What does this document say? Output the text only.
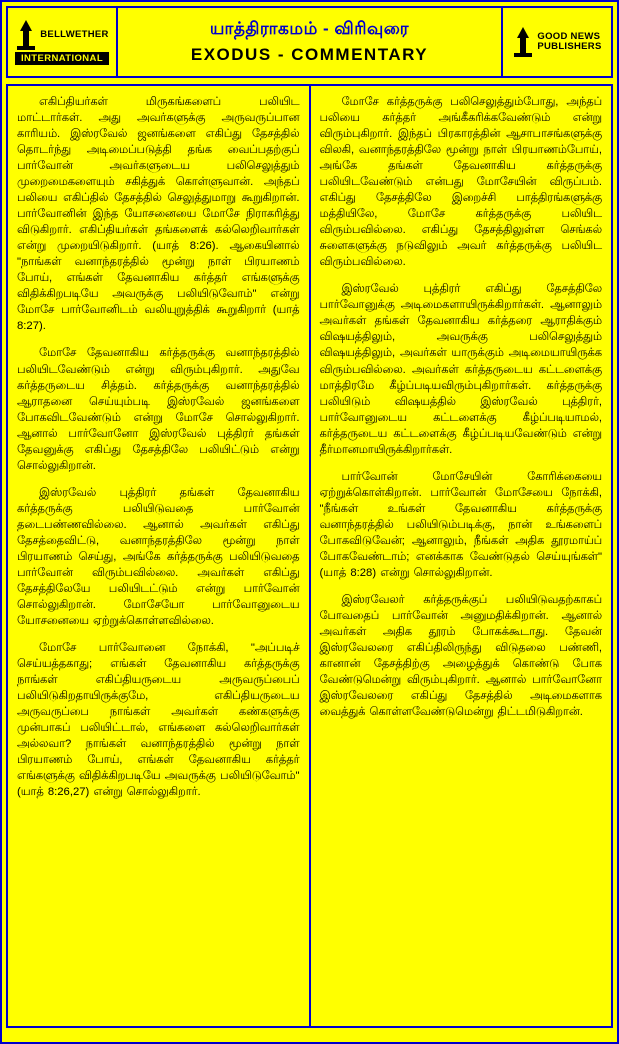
BELLWETHER
INTERNATIONAL
யாத்திராகமம் - விரிவுரை
EXODUS - COMMENTARY
GOOD NEWS
PUBLISHERS

எகிப்தியர்கள் மிருகங்களைப் பலியிட மாட்டார்கள். அது அவர்களுக்கு அருவருப்பான காரியம். இஸ்ரவேல் ஜனங்களை எகிப்து தேசத்தில் தொடர்ந்து அடிமைப்படுத்தி தங்க வைப்பதற்குப் பார்வோன் அவர்களுடைய பலிசெலுத்தும் முறைமைகளையும் சகித்துக் கொள்ளுவான். அந்தப் பலியை எகிப்தில் தேசத்தில் செலுத்துமாறு கூறுகிறான். பார்வோனின் இந்த யோசனையை மோசே நிராகரித்து விடுகிறார். எகிப்தியர்கள் தங்களைக் கல்லெறிவார்கள் என்று முறையிடுகிறார். (யாத் 8:26). ஆகையினால் "நாங்கள் வனாந்தரத்தில் மூன்று நாள் பிரயாணம் போய், எங்கள் தேவனாகிய கர்த்தர் எங்களுக்கு விதிக்கிறபடியே அவருக்கு பலியிடுவோம்" என்று மோசே பார்வோனிடம் வலியுறுத்திக் கூறுகிறார் (யாத் 8:27).

மோசே தேவனாகிய கர்த்தருக்கு வனாந்தரத்தில் பலியிடவேண்டும் என்று விரும்புகிறார். அதுவே கர்த்தருடைய சித்தம். கர்த்தருக்கு வனாந்தரத்தில் ஆராதனை செய்யும்படி இஸ்ரவேல் ஜனங்களை போகவிடவேண்டும் என்று மோசே சொல்லுகிறார். ஆனால் பார்வோனோ இஸ்ரவேல் புத்திரர் தங்கள் தேவனுக்கு எகிப்து தேசத்திலே பலியிட்டும் என்று சொல்லுகிறான்.

இஸ்ரவேல் புத்திரர் தங்கள் தேவனாகிய கர்த்தருக்கு பலியிடுவதை பார்வோன் தடைபண்ணவில்லை. ஆனால் அவர்கள் எகிப்து தேசத்தைவிட்டு, வனாந்தரத்திலே மூன்று நாள் பிரயாணம் செய்து, அங்கே கர்த்தருக்கு பலியிடுவதை பார்வோன் விரும்பவில்லை. அவர்கள் எகிப்து தேசத்திலேயே பலியிடட்டும் என்று பார்வோன் சொல்லுகிறான். மோசேயோ பார்வோனுடைய யோசனையை ஏற்றுக்கொள்ளவில்லை.

மோசே பார்வோனை நோக்கி, "அப்படிச் செய்யத்தகாது; எங்கள் தேவனாகிய கர்த்தருக்கு நாங்கள் எகிப்தியருடைய அருவருப்பைப் பலியிடுகிறதாயிருக்குமே, எகிப்தியருடைய அருவருப்பை நாங்கள் அவர்கள் கண்களுக்கு முன்பாகப் பலியிட்டால், எங்களை கல்லெறிவார்கள் அல்லவா? நாங்கள் வனாந்தரத்தில் மூன்று நாள் பிரயாணம் போய், எங்கள் தேவனாகிய கர்த்தர் எங்களுக்கு விதிக்கிறபடியே அவருக்கு பலியிடுவோம்" (யாத் 8:26,27) என்று சொல்லுகிறார்.

மோசே கர்த்தருக்கு பலிசெலுத்தும்போது, அந்தப் பலியை கர்த்தர் அங்கீகரிக்கவேண்டும் என்று விரும்புகிறார். இந்தப் பிரகாரத்தின் ஆசாபாசங்களுக்கு விலகி, வனாந்தரத்திலே மூன்று நாள் பிரயாணம்போய், அங்கே தங்கள் தேவனாகிய கர்த்தருக்கு பலியிடவேண்டும் என்பது மோசேயின் விருப்பம். எகிப்து தேசத்திலே இறைச்சி பாத்திரங்களுக்கு மத்தியிலே, மோசே கர்த்தருக்கு பலியிட விரும்பவில்லை. எகிப்து தேசத்திலுள்ள செங்கல் சுளைகளுக்கு நடுவிலும் அவர் கர்த்தருக்கு பலியிட விரும்பவில்லை.

இஸ்ரவேல் புத்திரர் எகிப்து தேசத்திலே பார்வோனுக்கு அடிமைகளாயிருக்கிறார்கள். ஆனாலும் அவர்கள் தங்கள் தேவனாகிய கர்த்தரை ஆராதிக்கும் விஷயத்திலும், அவருக்கு பலிசெலுத்தும் விஷயத்திலும், அவர்கள் யாருக்கும் அடிமையாயிருக்க விரும்பவில்லை. அவர்கள் கர்த்தருடைய கட்டளைக்கு மாத்திரமே கீழ்ப்படியவிரும்புகிறார்கள். கர்த்தருக்கு பலியிடும் விஷயத்தில் இஸ்ரவேல் புத்திரர், பார்வோனுடைய கட்டளைக்கு கீழ்ப்படியாமல், கர்த்தருடைய கட்டளைக்கு கீழ்ப்படியவேண்டும் என்று தீர்மானமாயிருக்கிறார்கள்.

பார்வோன் மோசேயின் கோரிக்கையை ஏற்றுக்கொள்கிறான். பார்வோன் மோசேயை நோக்கி, "நீங்கள் உங்கள் தேவனாகிய கர்த்தருக்கு வனாந்தரத்தில் பலியிடும்படிக்கு, நான் உங்களைப் போகவிடுவேன்; ஆனாலும், நீங்கள் அதிக தூரமாய்ப் போகவேண்டாம்; எனக்காக வேண்டுதல் செய்யுங்கள்" (யாத் 8:28) என்று சொல்லுகிறான்.

இஸ்ரவேலர் கர்த்தருக்குப் பலியிடுவதற்காகப் போவதைப் பார்வோன் அனுமதிக்கிறான். ஆனால் அவர்கள் அதிக தூரம் போகக்கூடாது. தேவன் இஸ்ரவேலரை எகிப்திலிருந்து விடுதலை பண்ணி, கானான் தேசத்திற்கு அழைத்துக் கொண்டு போக வேண்டுமென்று விரும்புகிறார். ஆனால் பார்வோனோ இஸ்ரவேலரை எகிப்து தேசத்தில் அடிமைகளாக வைத்துக் கொள்ளவேண்டுமென்று திட்டமிடுகிறான்.
